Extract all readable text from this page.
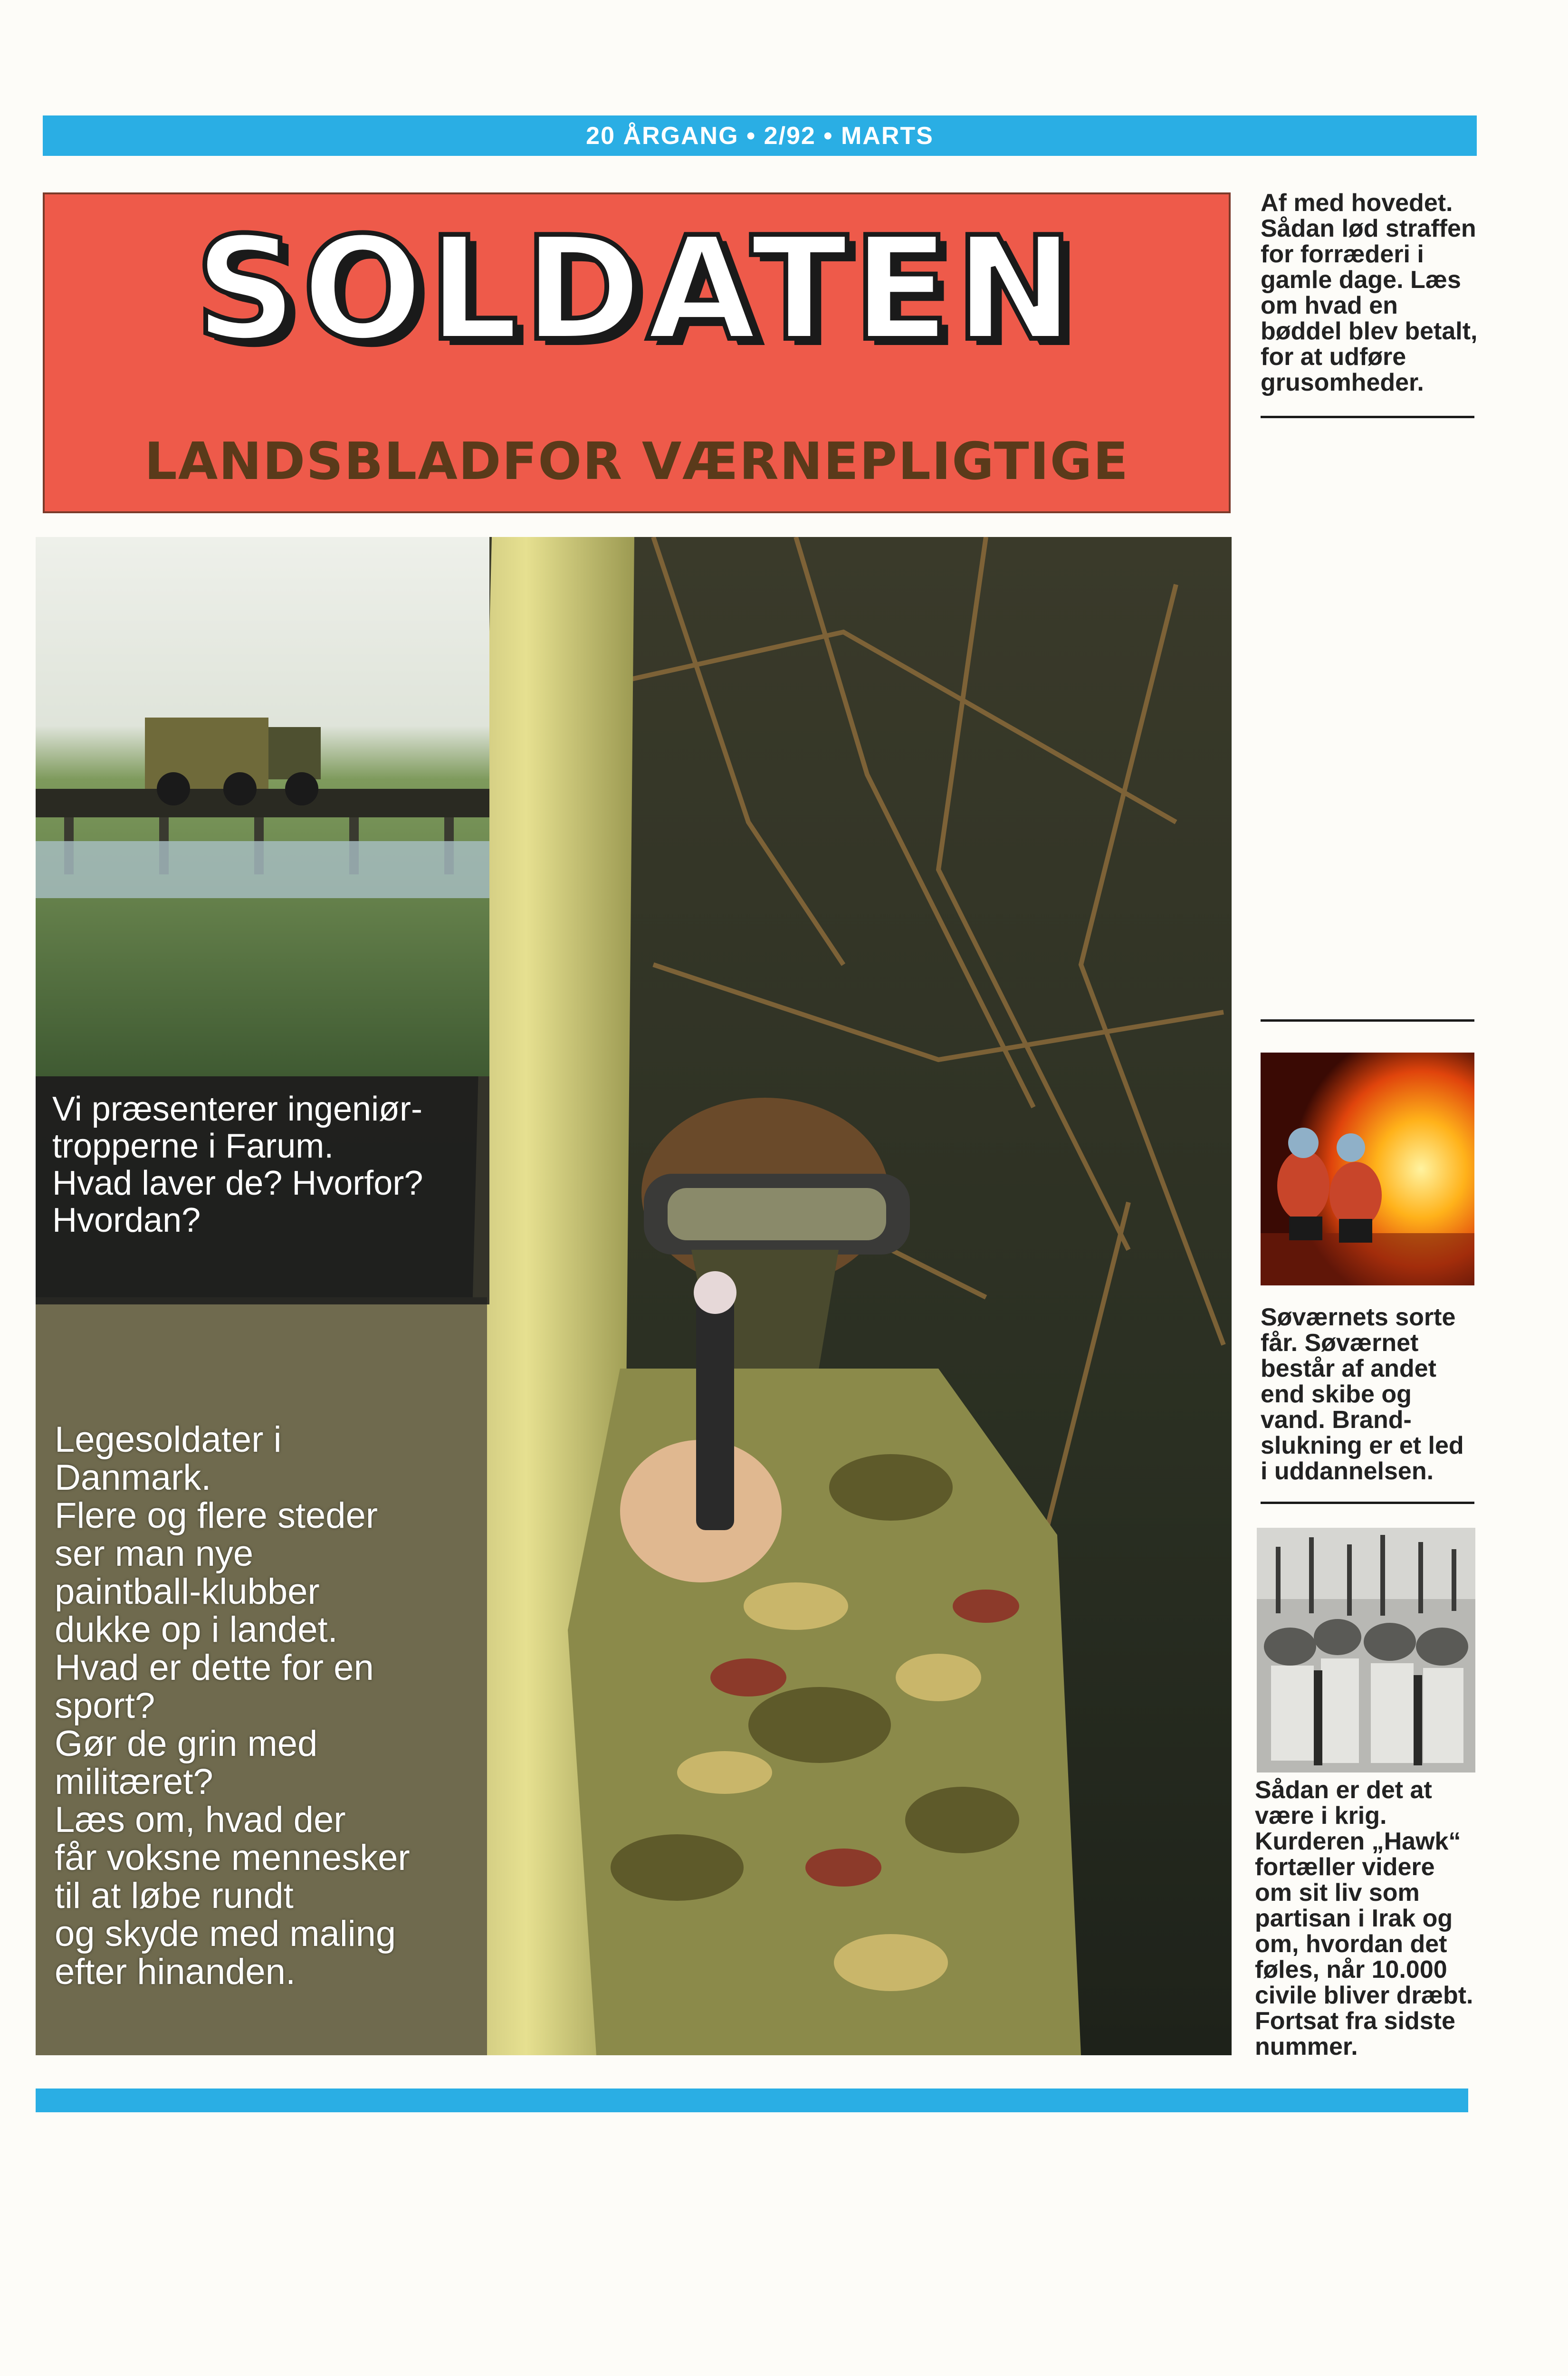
20 ÅRGANG • 2/92 • MARTS
SOLDATEN
LANDSBLADFOR VÆRNEPLIGTIGE
Af med hovedet.
Sådan lød straffen
for forræderi i
gamle dage. Læs
om hvad en
bøddel blev betalt,
for at udføre
grusomheder.
Søværnets sorte
får. Søværnet
består af andet
end skibe og
vand. Brand-
slukning er et led
i uddannelsen.
Sådan er det at
være i krig.
Kurderen „Hawk“
fortæller videre
om sit liv som
partisan i Irak og
om, hvordan det
føles, når 10.000
civile bliver dræbt.
Fortsat fra sidste
nummer.
Vi præsenterer ingeniør-
tropperne i Farum.
Hvad laver de? Hvorfor?
Hvordan?
Legesoldater i
Danmark.
Flere og flere steder
ser man nye
paintball-klubber
dukke op i landet.
Hvad er dette for en
sport?
Gør de grin med
militæret?
Læs om, hvad der
får voksne mennesker
til at løbe rundt
og skyde med maling
efter hinanden.
